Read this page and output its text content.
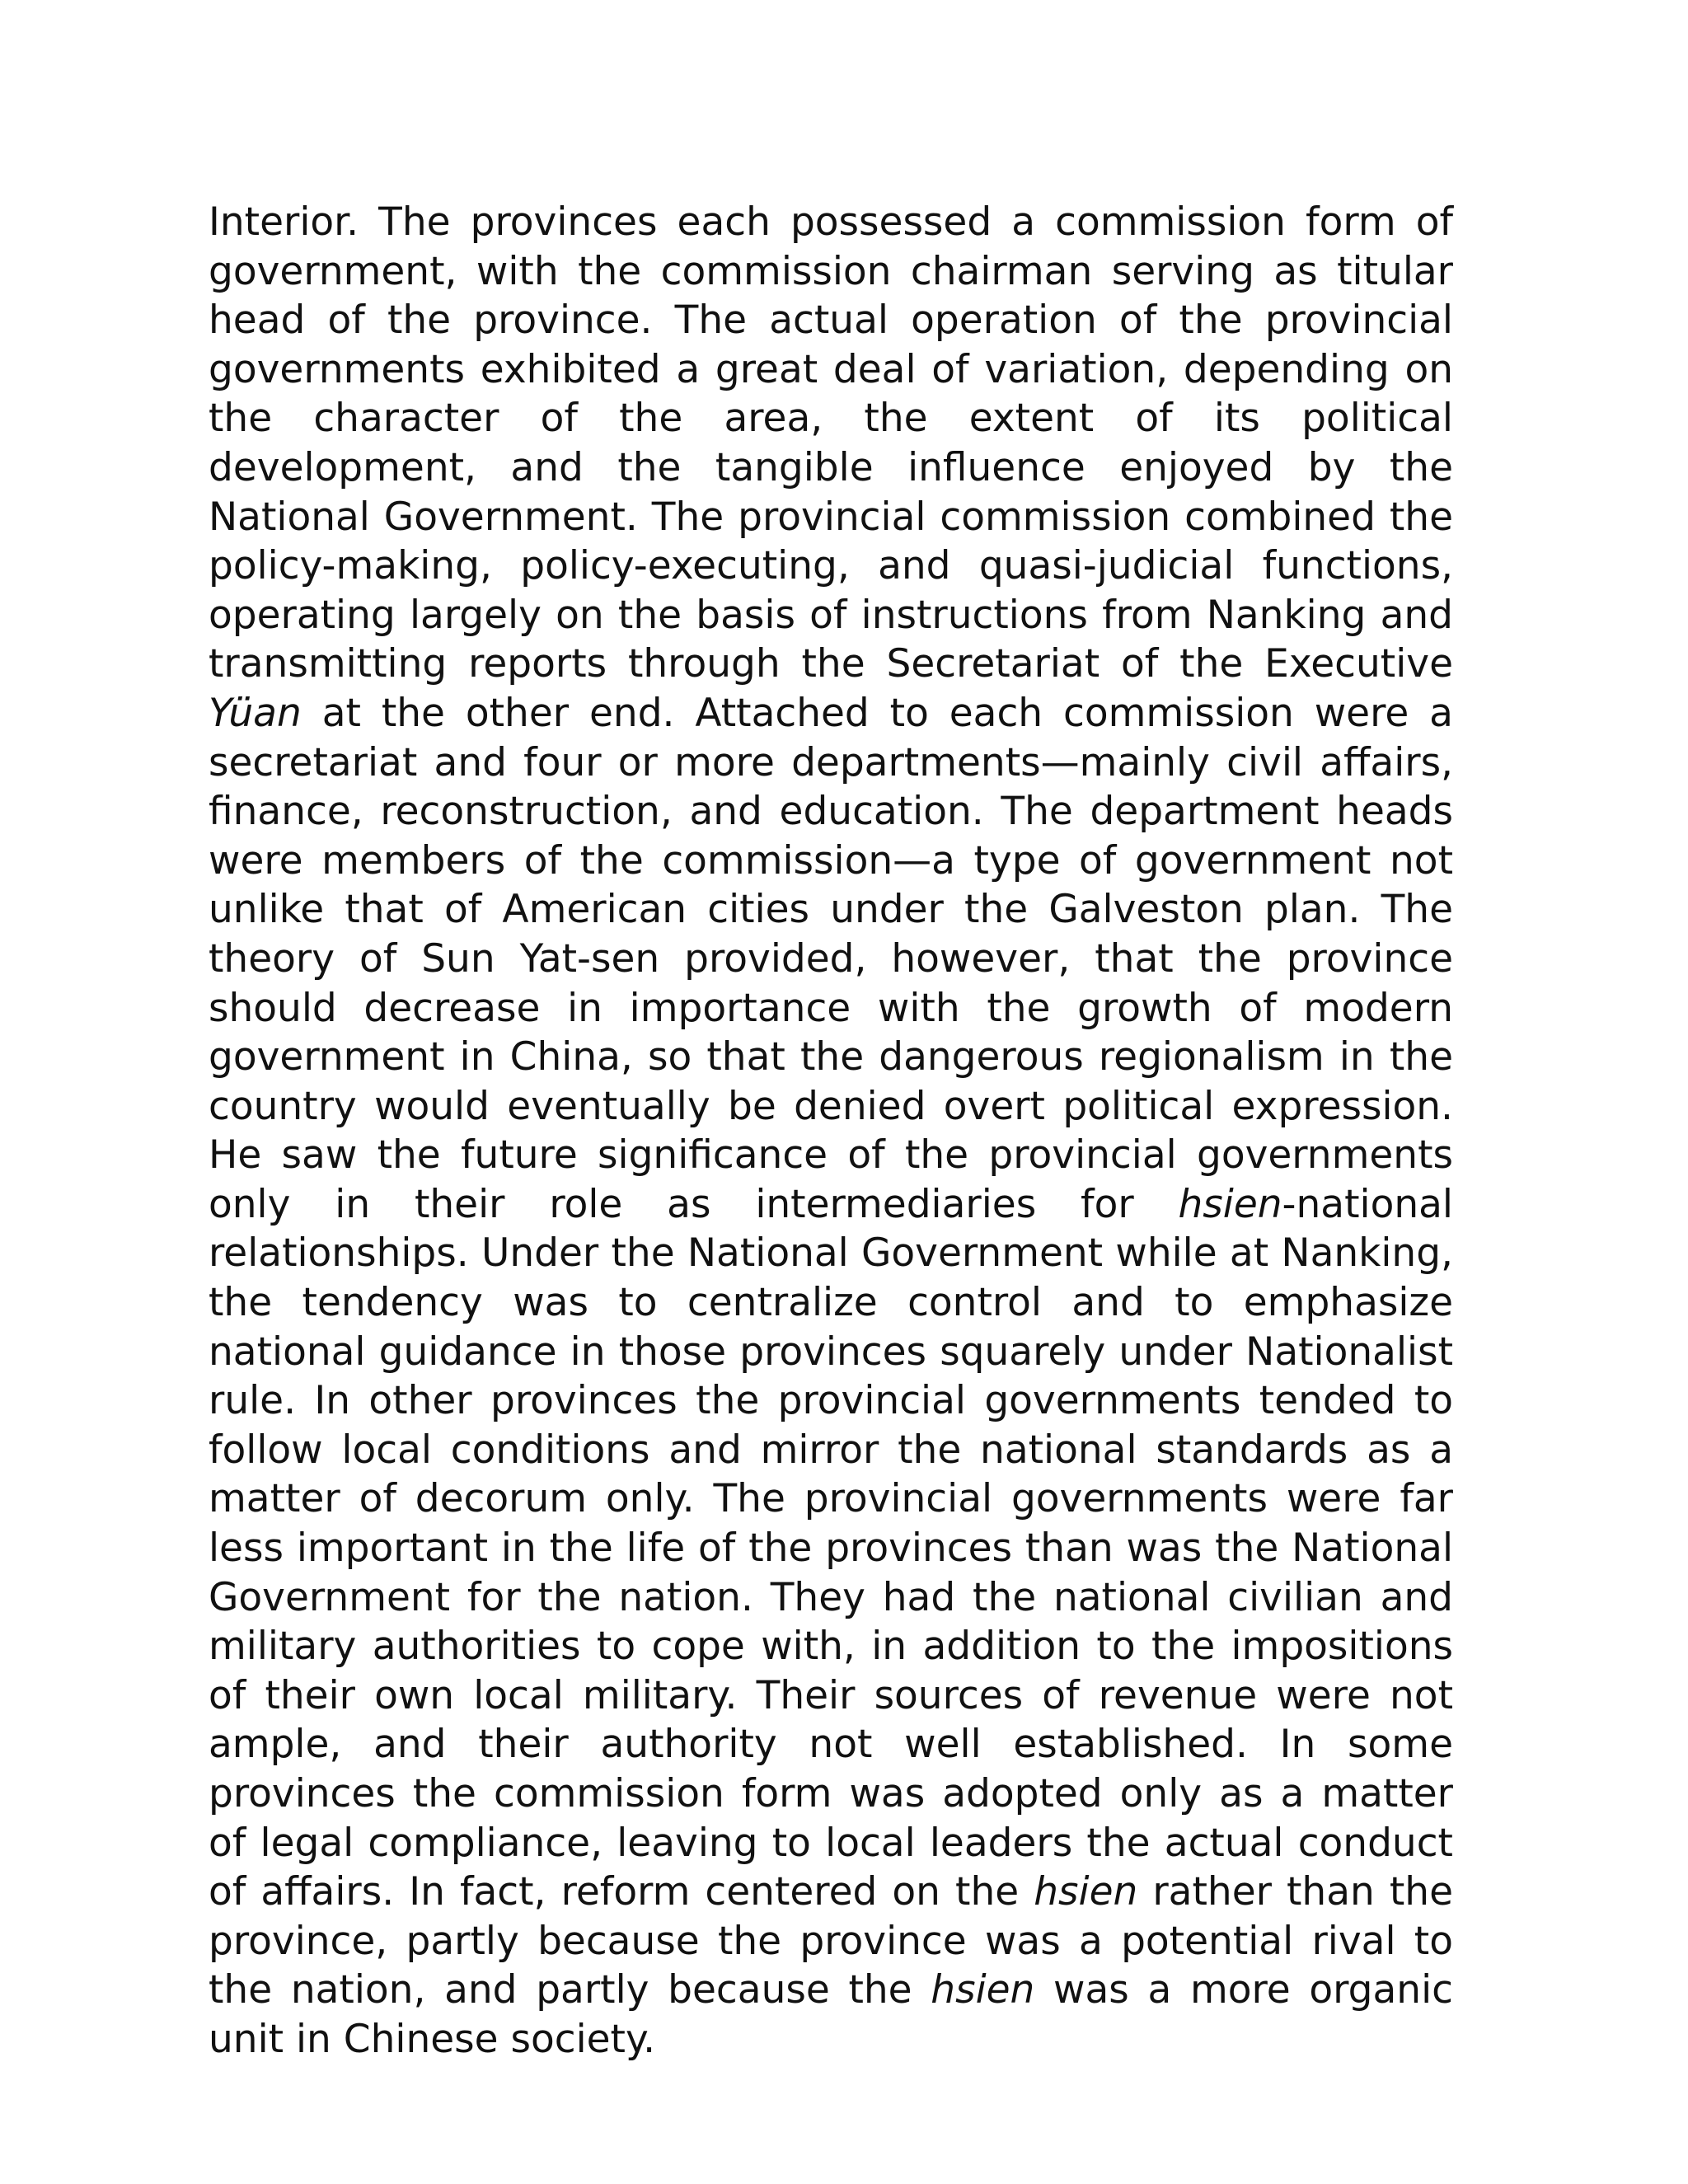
Interior. The provinces each possessed a commission form of government, with the commission chairman serving as titular head of the province. The actual operation of the provincial governments exhibited a great deal of variation, depending on the character of the area, the extent of its political development, and the tangible influence enjoyed by the National Government. The provincial commission combined the policy-making, policy-executing, and quasi-judicial functions, operating largely on the basis of instructions from Nanking and transmitting reports through the Secretariat of the Executive Yüan at the other end. Attached to each commission were a secretariat and four or more departments—mainly civil affairs, finance, reconstruction, and education. The department heads were members of the commission—a type of government not unlike that of American cities under the Galveston plan. The theory of Sun Yat-sen provided, however, that the province should decrease in importance with the growth of modern government in China, so that the dangerous regionalism in the country would eventually be denied overt political expression. He saw the future significance of the provincial governments only in their role as intermediaries for hsien-national relationships. Under the National Government while at Nanking, the tendency was to centralize control and to emphasize national guidance in those provinces squarely under Nationalist rule. In other provinces the provincial governments tended to follow local conditions and mirror the national standards as a matter of decorum only. The provincial governments were far less important in the life of the provinces than was the National Government for the nation. They had the national civilian and military authorities to cope with, in addition to the impositions of their own local military. Their sources of revenue were not ample, and their authority not well established. In some provinces the commission form was adopted only as a matter of legal compliance, leaving to local leaders the actual conduct of affairs. In fact, reform centered on the hsien rather than the province, partly because the province was a potential rival to the nation, and partly because the hsien was a more organic unit in Chinese society.
